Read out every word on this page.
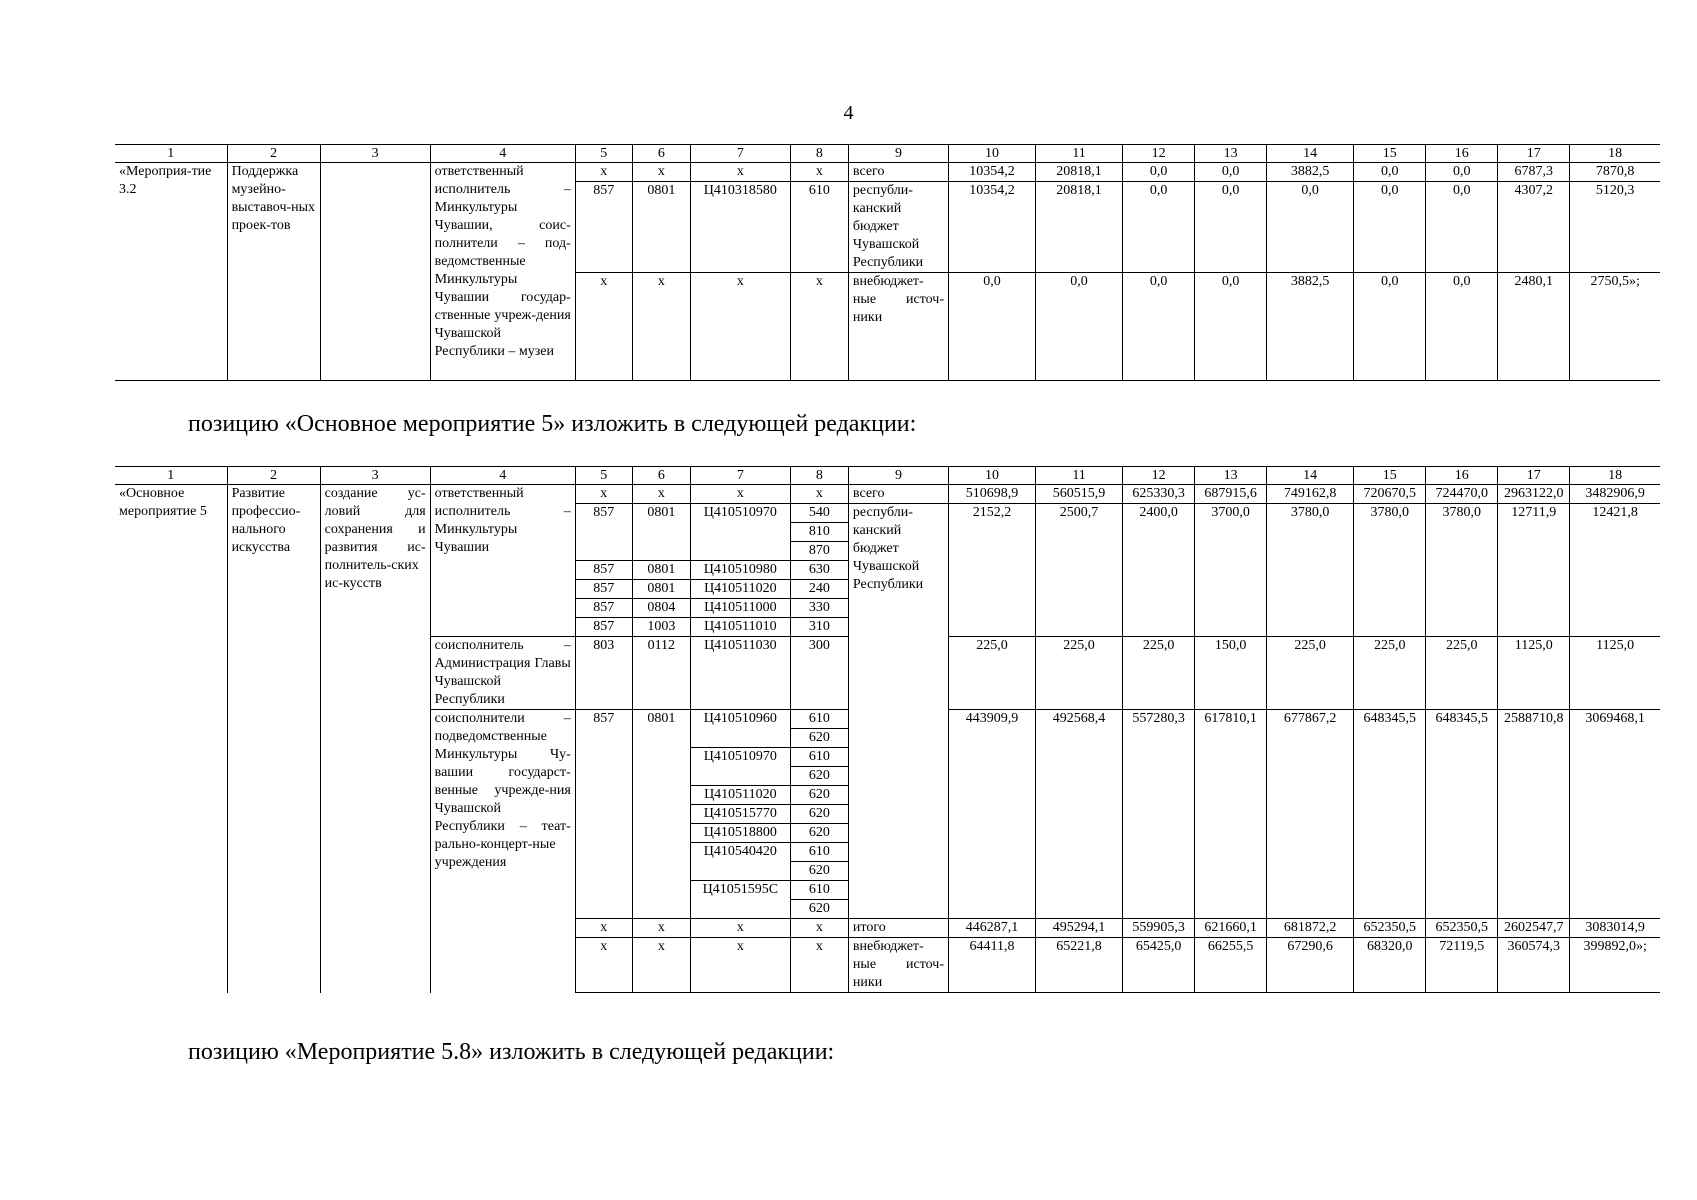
4
1	2	3	4	5	6	7	8	9	10	11	12	13	14	15	16	17	18
«Мероприя-тие 3.2	Поддержка музейно-выставоч-ных проек-тов		ответственный исполнитель – Минкультуры Чувашии, соис-полнители – под-ведомственные Минкультуры Чувашии государ-ственные учреж-дения Чувашской Республики – музеи	х	х	х	х	всего	10354,2	20818,1	0,0	0,0	3882,5	0,0	0,0	6787,3	7870,8
				857	0801	Ц410318580	610	республи-канский бюджет Чувашской Республики	10354,2	20818,1	0,0	0,0	0,0	0,0	0,0	4307,2	5120,3
				х	х	х	х	внебюджет-ные источ-ники	0,0	0,0	0,0	0,0	3882,5	0,0	0,0	2480,1	2750,5»;
позицию «Основное мероприятие 5» изложить в следующей редакции:
1	2	3	4	5	6	7	8	9	10	11	12	13	14	15	16	17	18
«Основное мероприятие 5	Развитие профессио-нального искусства	создание ус-ловий для сохранения и развития ис-полнитель-ских ис-кусств	ответственный исполнитель – Минкультуры Чувашии	х	х	х	х	всего	510698,9	560515,9	625330,3	687915,6	749162,8	720670,5	724470,0	2963122,0	3482906,9
				857	0801	Ц410510970	540	республи-канский бюджет Чувашской Республики	2152,2	2500,7	2400,0	3700,0	3780,0	3780,0	3780,0	12711,9	12421,8
							810										
							870										
				857	0801	Ц410510980	630										
				857	0801	Ц410511020	240										
				857	0804	Ц410511000	330										
				857	1003	Ц410511010	310										
			соисполнитель – Администрация Главы Чувашской Республики	803	0112	Ц410511030	300		225,0	225,0	225,0	150,0	225,0	225,0	225,0	1125,0	1125,0
			соисполнители – подведомственные Минкультуры Чу-вашии государст-венные учрежде-ния Чувашской Республики – теат-рально-концерт-ные учреждения	857	0801	Ц410510960	610		443909,9	492568,4	557280,3	617810,1	677867,2	648345,5	648345,5	2588710,8	3069468,1
							620										
						Ц410510970	610										
							620										
						Ц410511020	620										
						Ц410515770	620										
						Ц410518800	620										
						Ц410540420	610										
							620										
						Ц41051595С	610										
							620										
				х	х	х	х	итого	446287,1	495294,1	559905,3	621660,1	681872,2	652350,5	652350,5	2602547,7	3083014,9
				х	х	х	х	внебюджет-ные источ-ники	64411,8	65221,8	65425,0	66255,5	67290,6	68320,0	72119,5	360574,3	399892,0»;
позицию «Мероприятие 5.8» изложить в следующей редакции:
